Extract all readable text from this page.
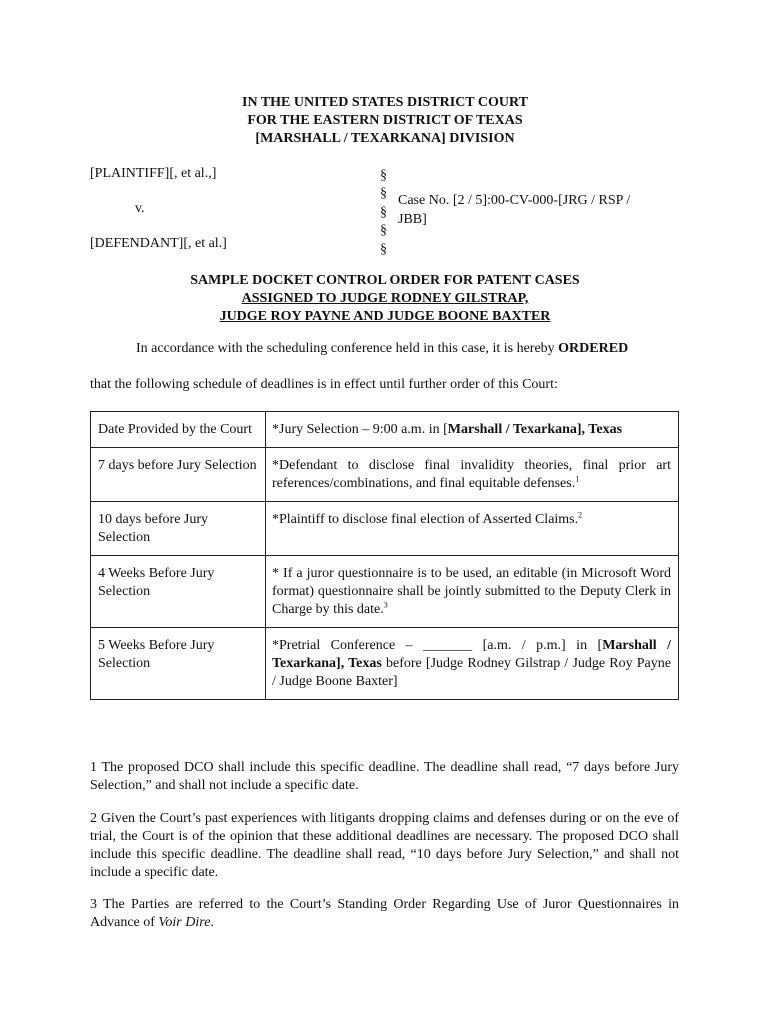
IN THE UNITED STATES DISTRICT COURT
FOR THE EASTERN DISTRICT OF TEXAS
[MARSHALL / TEXARKANA] DIVISION
[PLAINTIFF][, et al.,]
v.
[DEFENDANT][, et al.]
§
§
§
§
§
Case No. [2 / 5]:00-CV-000-[JRG / RSP /
JBB]
SAMPLE DOCKET CONTROL ORDER FOR PATENT CASES
ASSIGNED TO JUDGE RODNEY GILSTRAP,
JUDGE ROY PAYNE AND JUDGE BOONE BAXTER
In accordance with the scheduling conference held in this case, it is hereby ORDERED
that the following schedule of deadlines is in effect until further order of this Court:
Date Provided by the Court	*Jury Selection – 9:00 a.m. in [Marshall / Texarkana], Texas
7 days before Jury Selection	*Defendant to disclose final invalidity theories, final prior art references/combinations, and final equitable defenses.$^1$
10 days before Jury Selection	*Plaintiff to disclose final election of Asserted Claims.$^2$
4 Weeks Before Jury Selection	* If a juror questionnaire is to be used, an editable (in Microsoft Word format) questionnaire shall be jointly submitted to the Deputy Clerk in Charge by this date.$^3$
5 Weeks Before Jury Selection	*Pretrial Conference – _______ [a.m. / p.m.] in [Marshall / Texarkana], Texas before [Judge Rodney Gilstrap / Judge Roy Payne / Judge Boone Baxter]
1 The proposed DCO shall include this specific deadline. The deadline shall read, “7 days before Jury Selection,” and shall not include a specific date.
2 Given the Court’s past experiences with litigants dropping claims and defenses during or on the eve of trial, the Court is of the opinion that these additional deadlines are necessary. The proposed DCO shall include this specific deadline. The deadline shall read, “10 days before Jury Selection,” and shall not include a specific date.
3 The Parties are referred to the Court’s Standing Order Regarding Use of Juror Questionnaires in Advance of Voir Dire.
